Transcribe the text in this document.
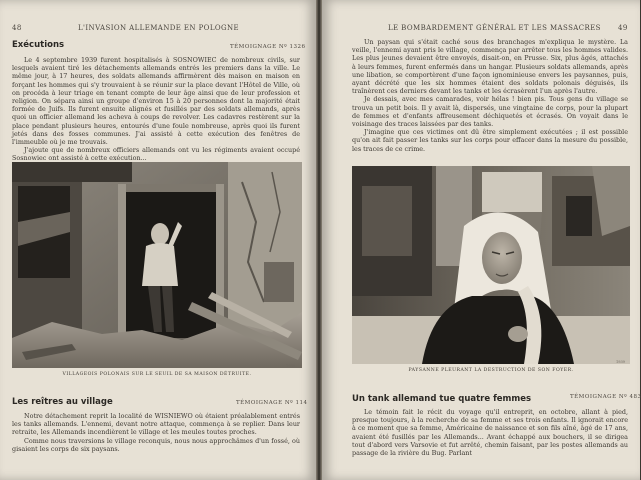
48	L'INVASION ALLEMANDE EN POLOGNE
Exécutions	TÉMOIGNAGE Nº 1326

Le 4 septembre 1939 furent hospitalisés à SOSNOWIEC de nombreux civils, sur lesquels avaient tiré les détachements allemands entrés les premiers dans la ville. Le même jour, à 17 heures, des soldats allemands affirmèrent dès maison en maison en forçant les hommes qui s'y trouvaient à se réunir sur la place devant l'Hôtel de Ville, où on procéda à leur triage en tenant compte de leur âge ainsi que de leur profession et religion. On sépara ainsi un groupe d'environ 15 à 20 personnes dont la majorité était formée de Juifs. Ils furent ensuite alignés et fusillés par des soldats allemands, après quoi un officier allemand les acheva à coups de revolver. Les cadavres restèrent sur la place pendant plusieurs heures, entourés d'une foule nombreuse, après quoi ils furent jetés dans des fosses communes. J'ai assisté à cette exécution des fenêtres de l'immeuble où je me trouvais.

J'ajoute que de nombreux officiers allemands ont vu les régiments avaient occupé Sosnowiec ont assisté à cette exécution...

1939
VILLAGEOIS POLONAIS SUR LE SEUIL DE SA MAISON DÉTRUITE.
Les reîtres au village	TÉMOIGNAGE Nº 114

Notre détachement reprit la localité de WISNIEWO où étaient préalablement entrés les tanks allemands. L'ennemi, devant notre attaque, commença à se replier. Dans leur retraite, les Allemands incendièrent le village et les meules toutes proches.

Comme nous traversions le village reconquis, nous nous approchâmes d'un fossé, où gisaient les corps de six paysans.

LE BOMBARDEMENT GÉNÉRAL ET LES MASSACRES 49

Un paysan qui s'était caché sous des branchages m'expliqua le mystère. La veille, l'ennemi ayant pris le village, commença par arrêter tous les hommes valides. Les plus jeunes devaient être envoyés, disait-on, en Prusse. Six, plus âgés, attachés à leurs femmes, furent enfermés dans un hangar. Plusieurs soldats allemands, après une libation, se comportèrent d'une façon ignominieuse envers les paysannes, puis, ayant décrété que les six hommes étaient des soldats polonais déguisés, ils traînèrent ces derniers devant les tanks et les écrasèrent l'un après l'autre.

Je dessais, avec mes camarades, voir hélas ! bien pis. Tous gens du village se trouva un petit bois. Il y avait là, dispersés, une vingtaine de corps, pour la plupart de femmes et d'enfants affreusement déchiquetés et écrasés. On voyait dans le voisinage des traces laissées par des tanks.

J'imagine que ces victimes ont dû être simplement exécutées ; il est possible qu'on ait fait passer les tanks sur les corps pour effacer dans la mesure du possible, les traces de ce crime.

1939
PAYSANNE PLEURANT LA DESTRUCTION DE SON FOYER.
Un tank allemand tue quatre femmes	TÉMOIGNAGE Nº 483

Le témoin fait le récit du voyage qu'il entreprit, en octobre, allant à pied, presque toujours, à la recherche de sa femme et ses trois enfants. Il ignorait encore à ce moment que sa femme, Américaine de naissance et son fils aîné, âgé de 17 ans, avaient été fusillés par les Allemands... Avant échappé aux bouchers, il se dirigea tout d'abord vers Varsovie et fut arrêté, chemin faisant, par les postes allemands au passage de la rivière du Bug. Parlant
